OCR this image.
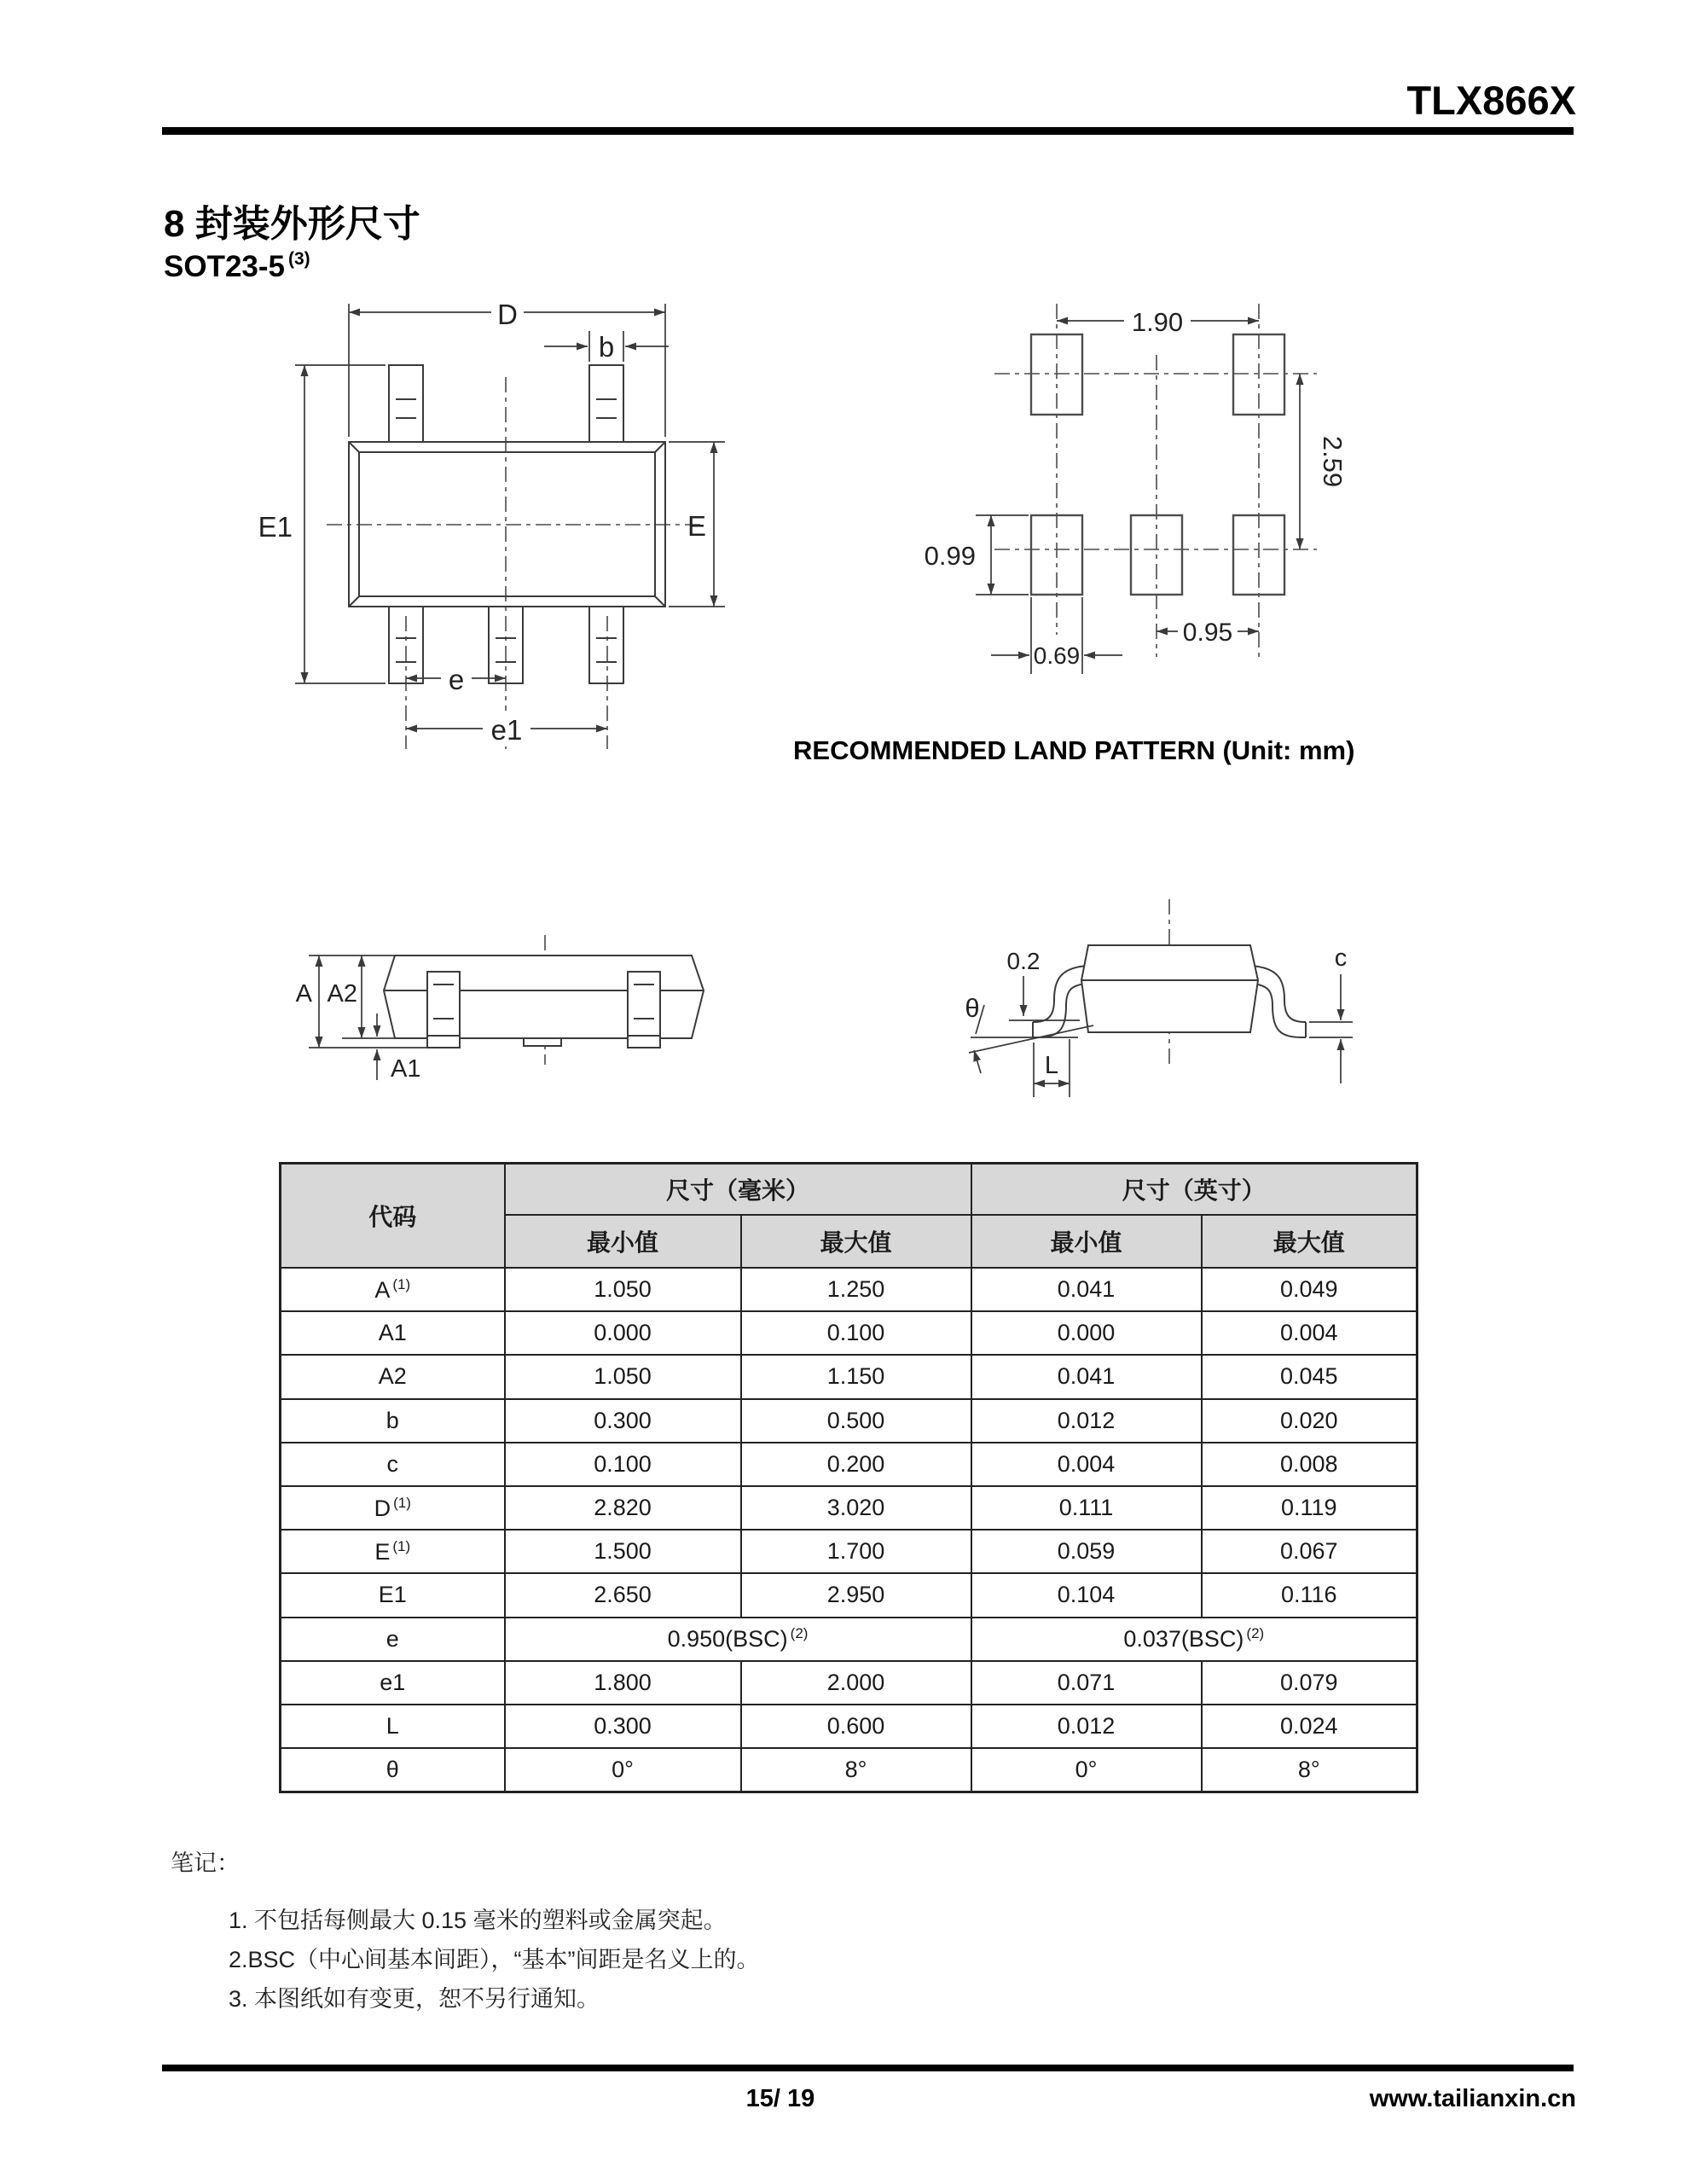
TLX866X
8 封装外形尺寸
SOT23-5 $^{(3)}$
D
b
E1	E
e
e1
1.90
2.59
0.99
0.69
0.95
RECOMMENDED LAND PATTERN (Unit: mm)
A A2
A1
c
0.2
θ
L
代码	尺寸（毫米）		尺寸（英寸）	
	最小值	最大值	最小值	最大值
A $^{(1)}$	1.050	1.250	0.041	0.049
A1	0.000	0.100	0.000	0.004
A2	1.050	1.150	0.041	0.045
b	0.300	0.500	0.012	0.020
c	0.100	0.200	0.004	0.008
D $^{(1)}$	2.820	3.020	0.111	0.119
E $^{(1)}$	1.500	1.700	0.059	0.067
E1	2.650	2.950	0.104	0.116
e	0.950(BSC) $^{(2)}$		0.037(BSC) $^{(2)}$
e1	1.800	2.000	0.071	0.079
L	0.300	0.600	0.012	0.024
θ	0°	8°	0°	8°
笔记：
1. 不包括每侧最大 0.15 毫米的塑料或金属突起。
2.BSC（中心间基本间距），“基本”间距是名义上的。
3. 本图纸如有变更，恕不另行通知。
15/ 19	www.tailianxin.cn
